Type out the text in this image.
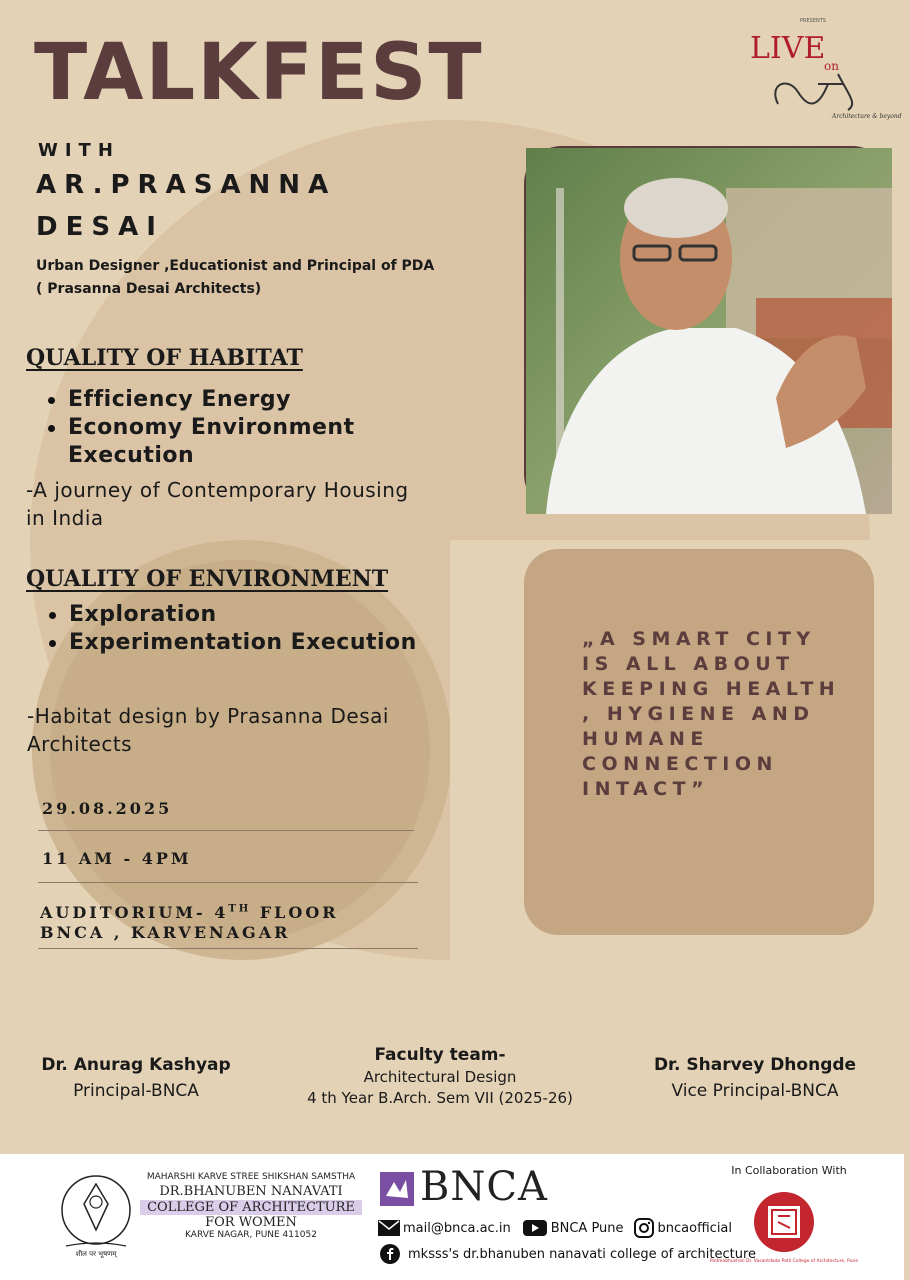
TALKFEST
PRESENTS
LIVE
on
Architecture & beyond
WITH
AR.PRASANNA
DESAI
Urban Designer ,Educationist and Principal of PDA
( Prasanna Desai Architects)
QUALITY OF HABITAT
Efficiency Energy
Economy Environment Execution
-A journey of Contemporary Housing in India
QUALITY OF ENVIRONMENT
Exploration
Experimentation Execution
-Habitat design by Prasanna Desai Architects
„A SMART CITY IS ALL ABOUT KEEPING HEALTH , HYGIENE AND HUMANE CONNECTION INTACT”
29.08.2025
11 AM - 4PM
AUDITORIUM- 4TH FLOOR
BNCA , KARVENAGAR
Dr. Anurag Kashyap
Principal-BNCA
Faculty team-
Architectural Design
4 th Year B.Arch. Sem VII (2025-26)
Dr. Sharvey Dhongde
Vice Principal-BNCA
शील पर भूषणम्
MAHARSHI KARVE STREE SHIKSHAN SAMSTHA
DR.BHANUBEN NANAVATI
COLLEGE OF ARCHITECTURE
FOR WOMEN
KARVE NAGAR, PUNE 411052
BNCA
mail@bnca.ac.in	BNCA Pune	bncaofficial
mksss's dr.bhanuben nanavati college of architecture
In Collaboration With
Padmabhushan Dr. Vasantdada Patil College of Architecture, Pune
